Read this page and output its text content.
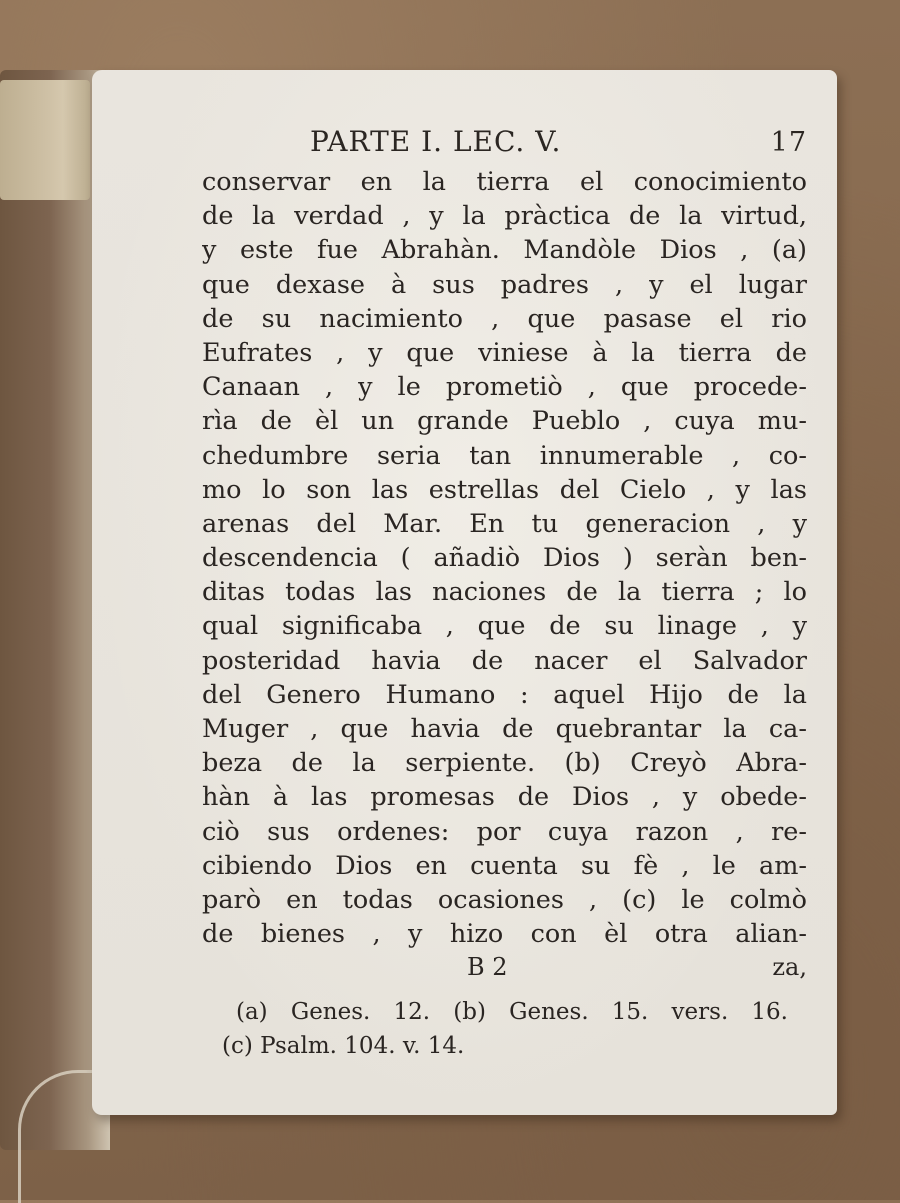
PARTE I. LEC. V.	17
conservar en la tierra el conocimiento
de la verdad , y la pràctica de la virtud,
y este fue Abrahàn. Mandòle Dios , (a)
que dexase à sus padres , y el lugar
de su nacimiento , que pasase el rio
Eufrates , y que viniese à la tierra de
Canaan , y le prometiò , que procede-
rìa de èl un grande Pueblo , cuya mu-
chedumbre seria tan innumerable , co-
mo lo son las estrellas del Cielo , y las
arenas del Mar. En tu generacion , y
descendencia ( añadiò Dios ) seràn ben-
ditas todas las naciones de la tierra ; lo
qual significaba , que de su linage , y
posteridad havia de nacer el Salvador
del Genero Humano : aquel Hijo de la
Muger , que havia de quebrantar la ca-
beza de la serpiente. (b) Creyò Abra-
hàn à las promesas de Dios , y obede-
ciò sus ordenes: por cuya razon , re-
cibiendo Dios en cuenta su fè , le am-
parò en todas ocasiones , (c) le colmò
de bienes , y hizo con èl otra alian-
B 2	za,
(a) Genes. 12. (b) Genes. 15. vers. 16.
(c) Psalm. 104. v. 14.
